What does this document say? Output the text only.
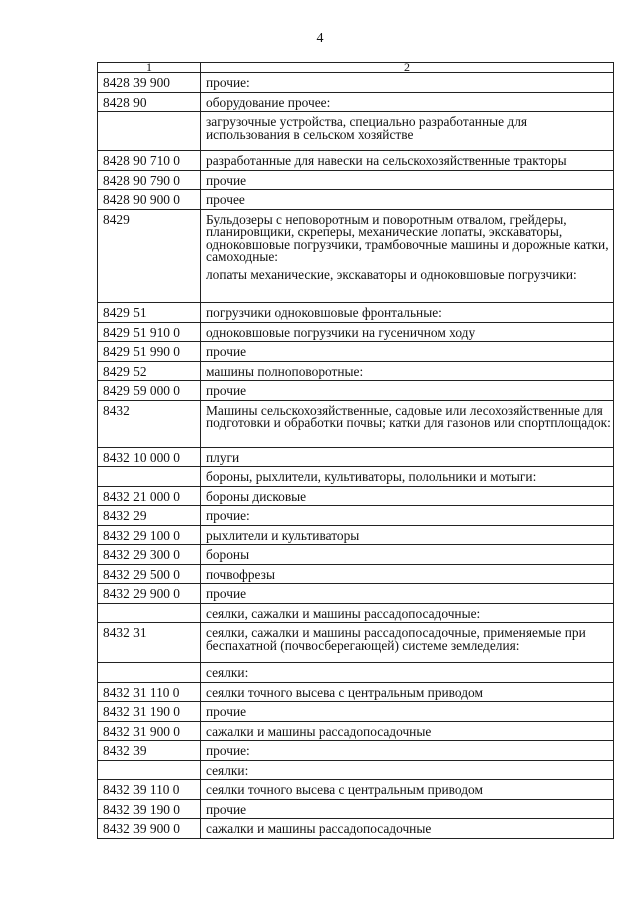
4
1	2

8428 39 900	прочие:

8428 90	оборудование прочее:

	загрузочные устройства, специально разработанные для использования в сельском хозяйстве

8428 90 710 0	разработанные для навески на сельскохозяйственные тракторы

8428 90 790 0	прочие

8428 90 900 0	прочее

8429	Бульдозеры с неповоротным и поворотным отвалом, грейдеры, планировщики, скреперы, механические лопаты, экскаваторы, одноковшовые погрузчики, трамбовочные машины и дорожные катки, самоходные:
лопаты механические, экскаваторы и одноковшовые погрузчики:

8429 51	погрузчики одноковшовые фронтальные:

8429 51 910 0	одноковшовые погрузчики на гусеничном ходу

8429 51 990 0	прочие

8429 52	машины полноповоротные:

8429 59 000 0	прочие

8432	Машины сельскохозяйственные, садовые или лесохозяйственные для подготовки и обработки почвы; катки для газонов или спортплощадок:

8432 10 000 0	плуги

	бороны, рыхлители, культиваторы, полольники и мотыги:

8432 21 000 0	бороны дисковые

8432 29	прочие:

8432 29 100 0	рыхлители и культиваторы

8432 29 300 0	бороны

8432 29 500 0	почвофрезы

8432 29 900 0	прочие

	сеялки, сажалки и машины рассадопосадочные:

8432 31	сеялки, сажалки и машины рассадопосадочные, применяемые при беспахатной (почвосберегающей) системе земледелия:

	сеялки:

8432 31 110 0	сеялки точного высева с центральным приводом

8432 31 190 0	прочие

8432 31 900 0	сажалки и машины рассадопосадочные

8432 39	прочие:

	сеялки:

8432 39 110 0	сеялки точного высева с центральным приводом

8432 39 190 0	прочие

8432 39 900 0	сажалки и машины рассадопосадочные
